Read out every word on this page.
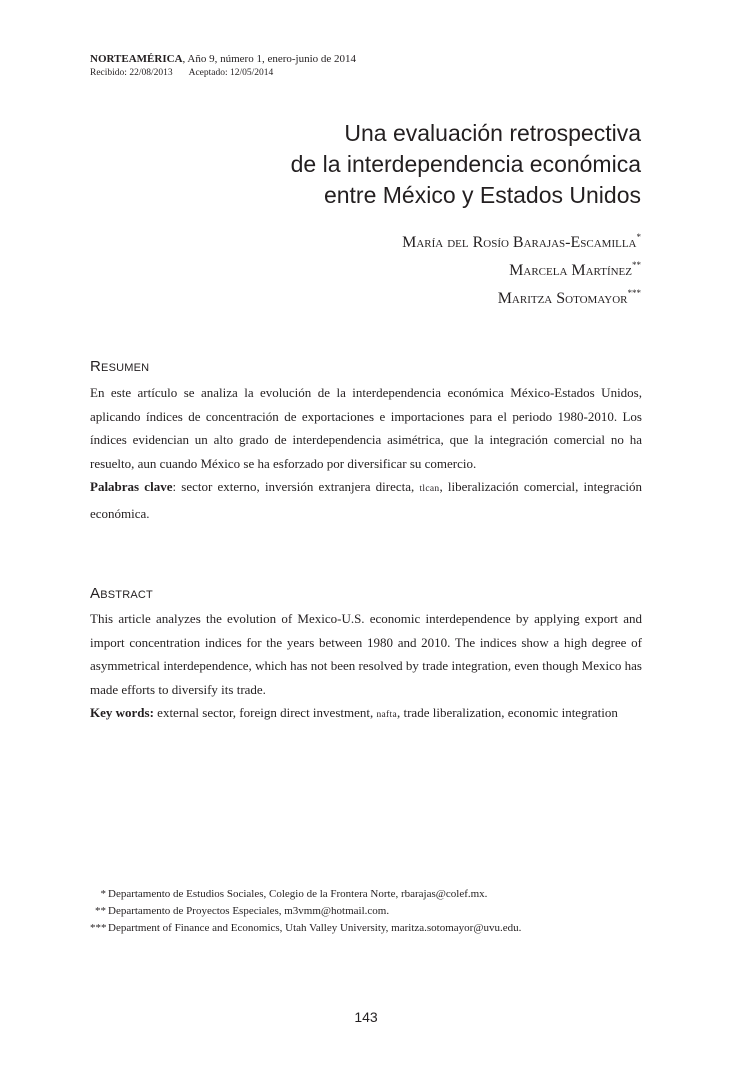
NORTEAMÉRICA, Año 9, número 1, enero-junio de 2014
Recibido: 22/08/2013 Aceptado: 12/05/2014
Una evaluación retrospectiva
de la interdependencia económica
entre México y Estados Unidos
María del Rosío Barajas-Escamilla*
Marcela Martínez**
Maritza Sotomayor***
Resumen
En este artículo se analiza la evolución de la interdependencia económica México-Estados Unidos, aplicando índices de concentración de exportaciones e importaciones para el periodo 1980-2010. Los índices evidencian un alto grado de interdependencia asimétrica, que la integración comercial no ha resuelto, aun cuando México se ha esforzado por diversificar su comercio.
Palabras clave: sector externo, inversión extranjera directa, tlcan, liberalización comercial, integración económica.
Abstract
This article analyzes the evolution of Mexico-U.S. economic interdependence by applying export and import concentration indices for the years between 1980 and 2010. The indices show a high degree of asymmetrical interdependence, which has not been resolved by trade integration, even though Mexico has made efforts to diversify its trade.
Key words: external sector, foreign direct investment, nafta, trade liberalization, economic integration
* Departamento de Estudios Sociales, Colegio de la Frontera Norte, rbarajas@colef.mx.
** Departamento de Proyectos Especiales, m3vmm@hotmail.com.
*** Department of Finance and Economics, Utah Valley University, maritza.sotomayor@uvu.edu.
143
